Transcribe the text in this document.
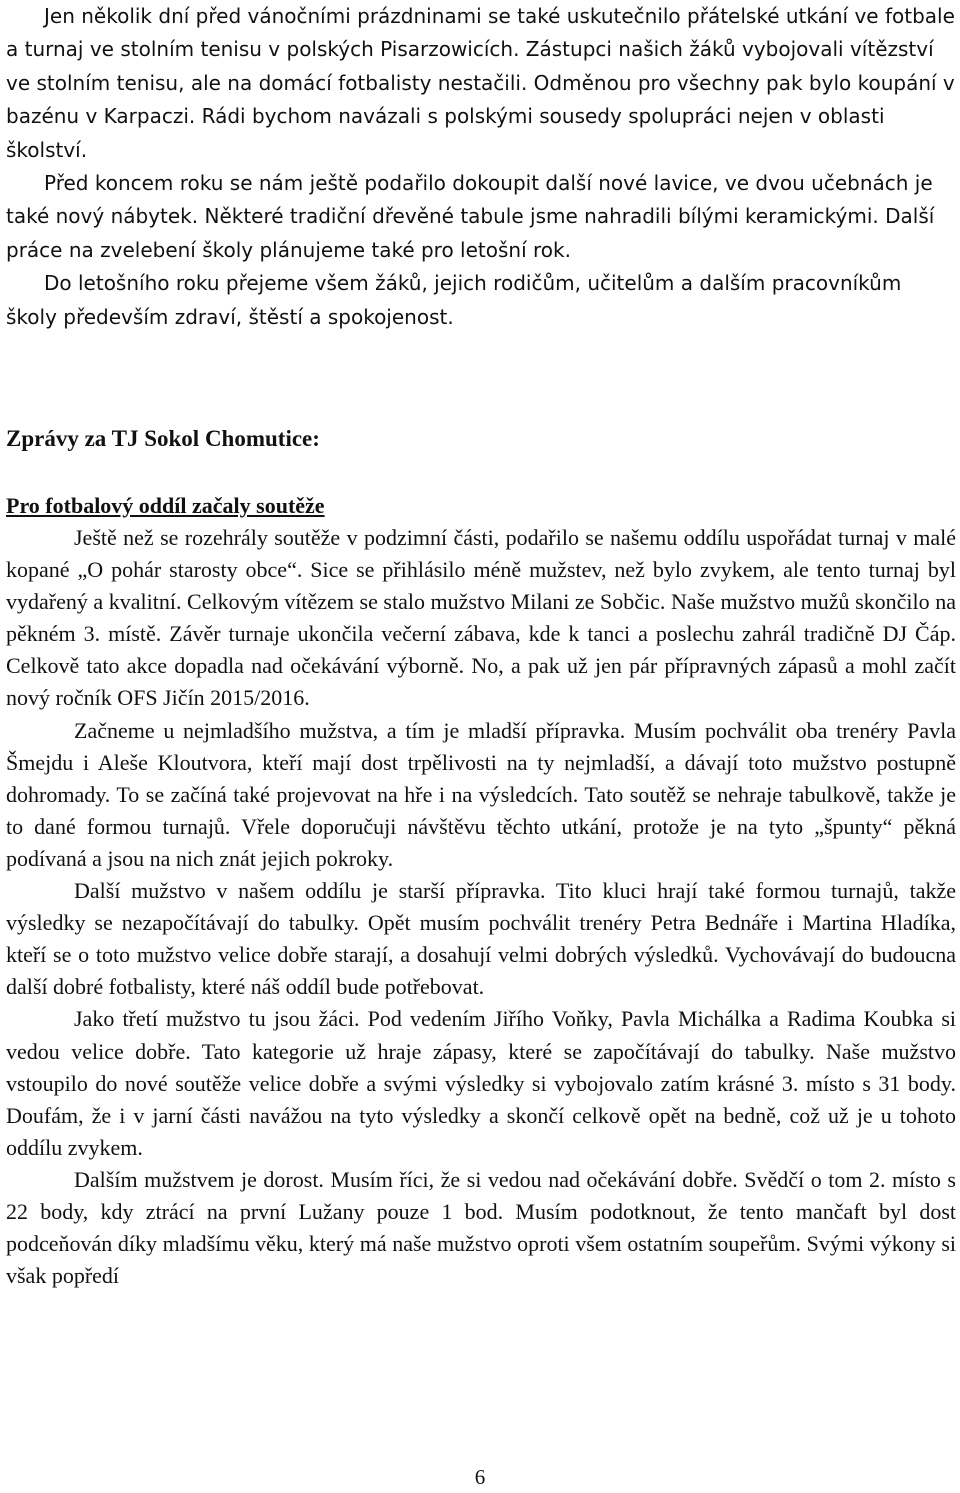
Jen několik dní před vánočními prázdninami se také uskutečnilo přátelské utkání ve fotbale a turnaj ve stolním tenisu v polských Pisarzowicích. Zástupci našich žáků vybojovali vítězství ve stolním tenisu, ale na domácí fotbalisty nestačili. Odměnou pro všechny pak bylo koupání v bazénu v Karpaczi. Rádi bychom navázali s polskými sousedy spolupráci nejen v oblasti školství.

Před koncem roku se nám ještě podařilo dokoupit další nové lavice, ve dvou učebnách je také nový nábytek. Některé tradiční dřevěné tabule jsme nahradili bílými keramickými. Další práce na zvelebení školy plánujeme také pro letošní rok.

Do letošního roku přejeme všem žáků, jejich rodičům, učitelům a dalším pracovníkům školy především zdraví, štěstí a spokojenost.

Zprávy za TJ Sokol Chomutice:
Pro fotbalový oddíl začaly soutěže

Ještě než se rozehrály soutěže v podzimní části, podařilo se našemu oddílu uspořádat turnaj v malé kopané „O pohár starosty obce“. Sice se přihlásilo méně mužstev, než bylo zvykem, ale tento turnaj byl vydařený a kvalitní. Celkovým vítězem se stalo mužstvo Milani ze Sobčic. Naše mužstvo mužů skončilo na pěkném 3. místě. Závěr turnaje ukončila večerní zábava, kde k tanci a poslechu zahrál tradičně DJ Čáp. Celkově tato akce dopadla nad očekávání výborně. No, a pak už jen pár přípravných zápasů a mohl začít nový ročník OFS Jičín 2015/2016.

Začneme u nejmladšího mužstva, a tím je mladší přípravka. Musím pochválit oba trenéry Pavla Šmejdu i Aleše Kloutvora, kteří mají dost trpělivosti na ty nejmladší, a dávají toto mužstvo postupně dohromady. To se začíná také projevovat na hře i na výsledcích. Tato soutěž se nehraje tabulkově, takže je to dané formou turnajů. Vřele doporučuji návštěvu těchto utkání, protože je na tyto „špunty“ pěkná podívaná a jsou na nich znát jejich pokroky.

Další mužstvo v našem oddílu je starší přípravka. Tito kluci hrají také formou turnajů, takže výsledky se nezapočítávají do tabulky. Opět musím pochválit trenéry Petra Bednáře i Martina Hladíka, kteří se o toto mužstvo velice dobře starají, a dosahují velmi dobrých výsledků. Vychovávají do budoucna další dobré fotbalisty, které náš oddíl bude potřebovat.

Jako třetí mužstvo tu jsou žáci. Pod vedením Jiřího Voňky, Pavla Michálka a Radima Koubka si vedou velice dobře. Tato kategorie už hraje zápasy, které se započítávají do tabulky. Naše mužstvo vstoupilo do nové soutěže velice dobře a svými výsledky si vybojovalo zatím krásné 3. místo s 31 body. Doufám, že i v jarní části navážou na tyto výsledky a skončí celkově opět na bedně, což už je u tohoto oddílu zvykem.

Dalším mužstvem je dorost. Musím říci, že si vedou nad očekávání dobře. Svědčí o tom 2. místo s 22 body, kdy ztrácí na první Lužany pouze 1 bod. Musím podotknout, že tento mančaft byl dost podceňován díky mladšímu věku, který má naše mužstvo oproti všem ostatním soupeřům. Svými výkony si však popředí

6
